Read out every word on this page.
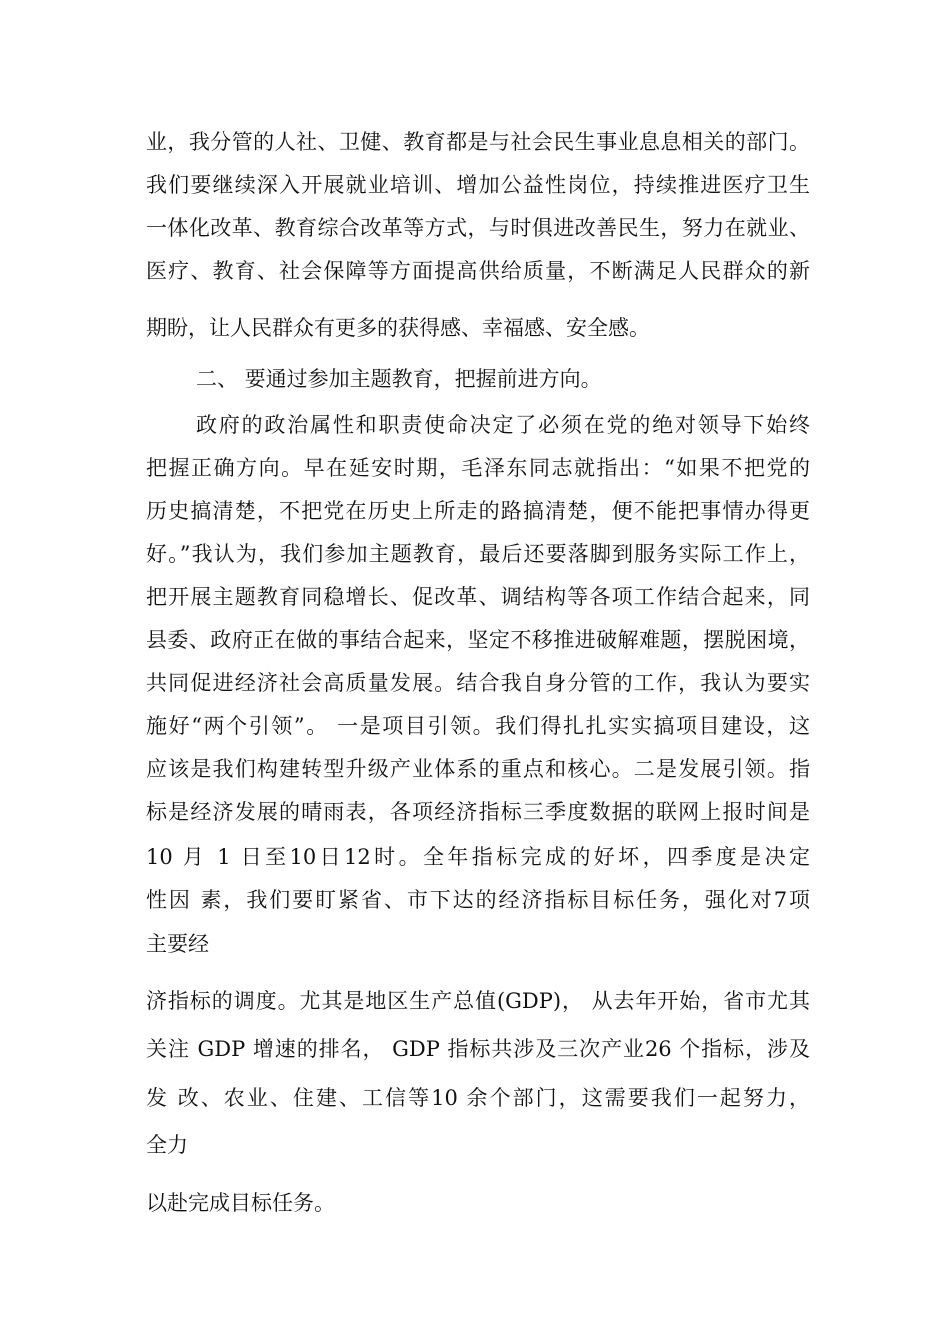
业，我分管的人社、卫健、教育都是与社会民生事业息息相关的部门。
我们要继续深入开展就业培训、增加公益性岗位，持续推进医疗卫生
一体化改革、教育综合改革等方式，与时俱进改善民生，努力在就业、
医疗、教育、社会保障等方面提高供给质量，不断满足人民群众的新
期盼，让人民群众有更多的获得感、幸福感、安全感。
二、 要通过参加主题教育，把握前进方向。
政府的政治属性和职责使命决定了必须在党的绝对领导下始终
把握正确方向。早在延安时期，毛泽东同志就指出：“如果不把党的
历史搞清楚，不把党在历史上所走的路搞清楚，便不能把事情办得更
好。”我认为，我们参加主题教育，最后还要落脚到服务实际工作上，
把开展主题教育同稳增长、促改革、调结构等各项工作结合起来，同
县委、政府正在做的事结合起来，坚定不移推进破解难题，摆脱困境，
共同促进经济社会高质量发展。结合我自身分管的工作，我认为要实
施好“两个引领”。 一是项目引领。我们得扎扎实实搞项目建设，这
应该是我们构建转型升级产业体系的重点和核心。二是发展引领。指
标是经济发展的晴雨表，各项经济指标三季度数据的联网上报时间是
10 月 1 日至10日12时。全年指标完成的好坏，四季度是决定
性因 素，我们要盯紧省、市下达的经济指标目标任务，强化对7项
主要经
济指标的调度。尤其是地区生产总值(GDP)， 从去年开始，省市尤其
关注 GDP 增速的排名， GDP 指标共涉及三次产业26 个指标，涉及
发 改、农业、住建、工信等10 余个部门，这需要我们一起努力，
全力
以赴完成目标任务。
